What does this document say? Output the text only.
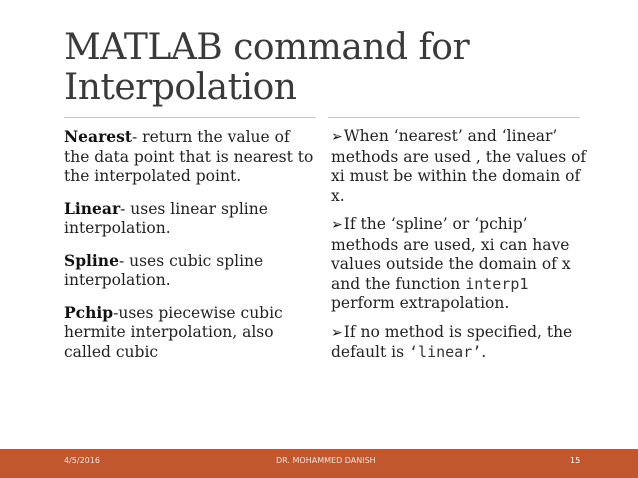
MATLAB command for Interpolation

Nearest- return the value of the data point that is nearest to the interpolated point.

Linear- uses linear spline interpolation.

Spline- uses cubic spline interpolation.

Pchip-uses piecewise cubic hermite interpolation, also called cubic

➢When ‘nearest’ and ‘linear’ methods are used , the values of xi must be within the domain of x.

➢If the ‘spline’ or ‘pchip’ methods are used, xi can have values outside the domain of x and the function interp1 perform extrapolation.

➢If no method is specified, the default is ‘linear’.

4/5/2016	DR. MOHAMMED DANISH	15
